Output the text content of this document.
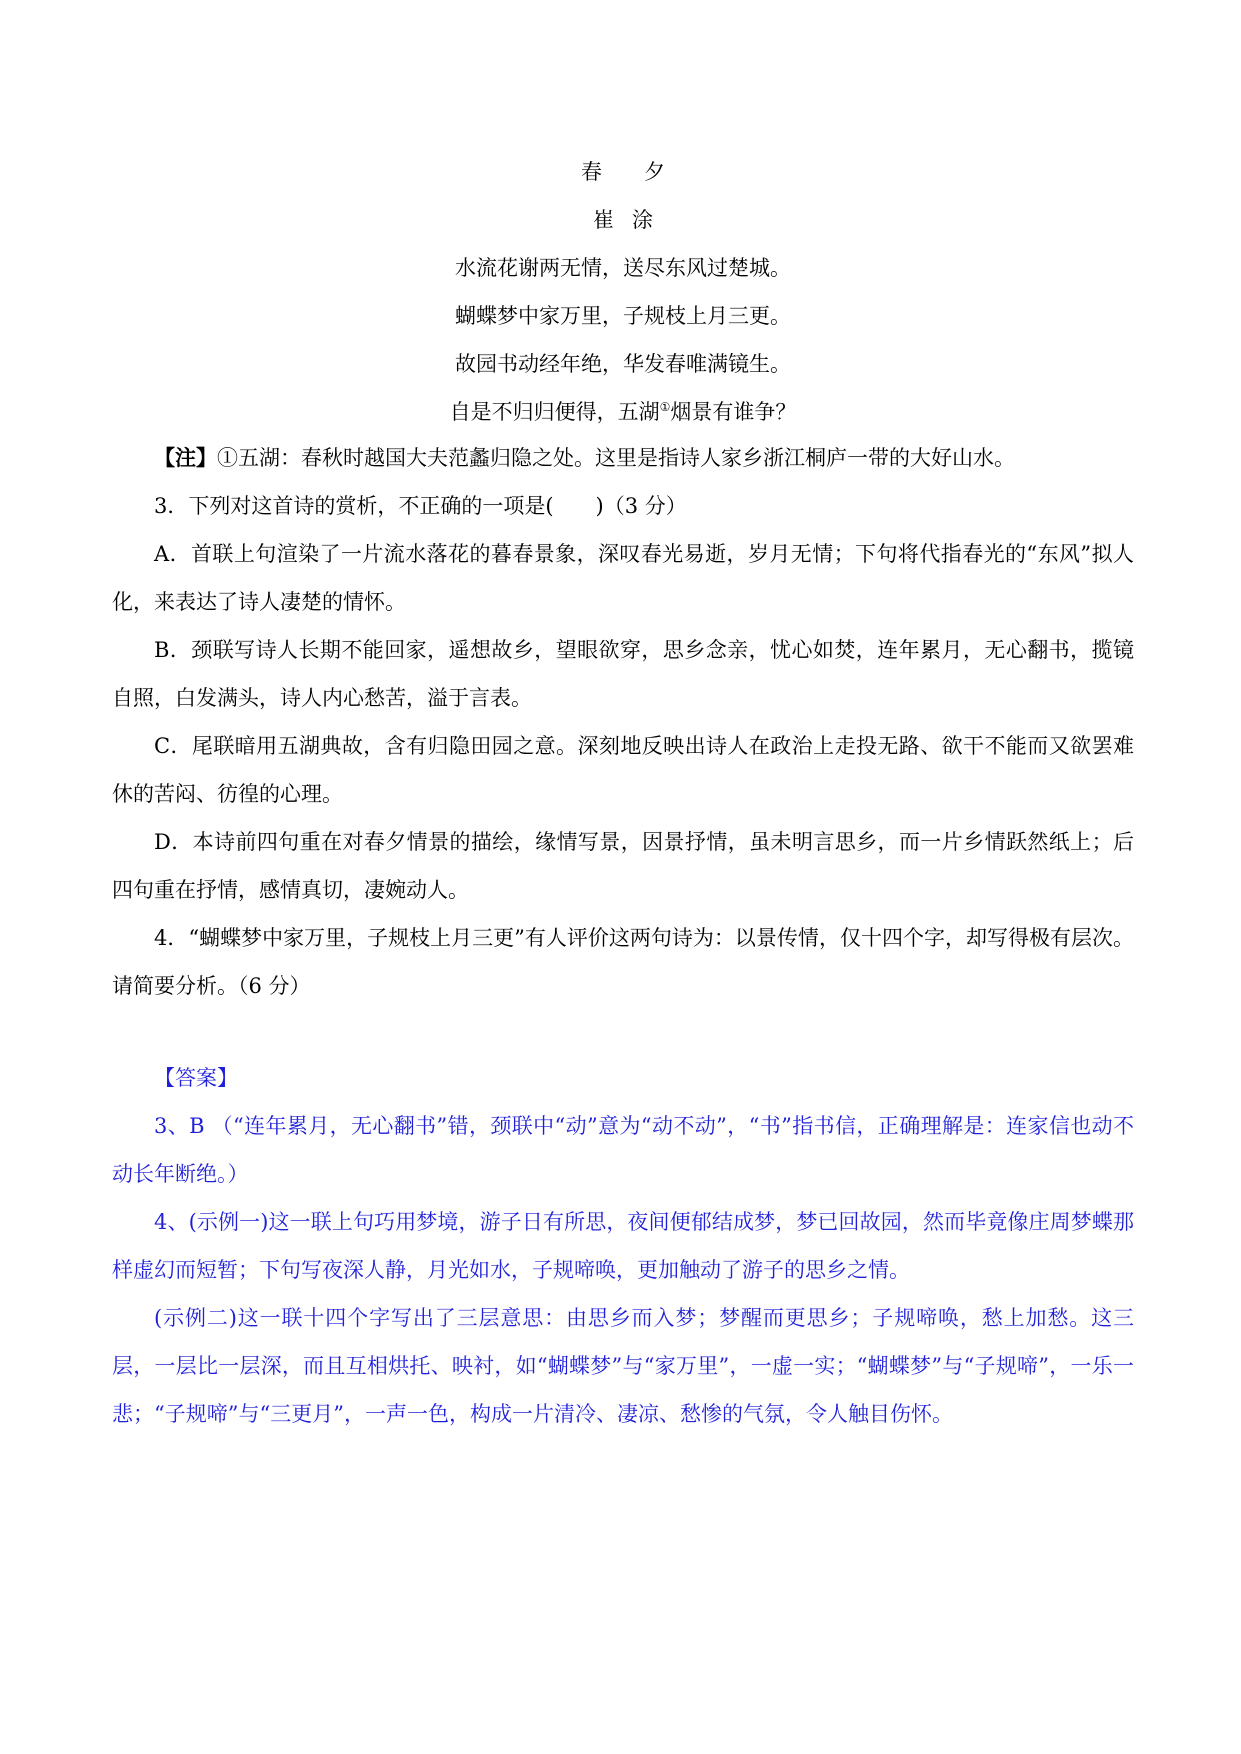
春 夕
崔 涂
水流花谢两无情，送尽东风过楚城。
蝴蝶梦中家万里，子规枝上月三更。
故园书动经年绝，华发春唯满镜生。
自是不归归便得，五湖①烟景有谁争？

【注】①五湖：春秋时越国大夫范蠡归隐之处。这里是指诗人家乡浙江桐庐一带的大好山水。

3．下列对这首诗的赏析，不正确的一项是(　　)（3 分）

A．首联上句渲染了一片流水落花的暮春景象，深叹春光易逝，岁月无情；下句将代指春光的“东风”拟人化，来表达了诗人凄楚的情怀。

B．颈联写诗人长期不能回家，遥想故乡，望眼欲穿，思乡念亲，忧心如焚，连年累月，无心翻书，揽镜自照，白发满头，诗人内心愁苦，溢于言表。

C．尾联暗用五湖典故，含有归隐田园之意。深刻地反映出诗人在政治上走投无路、欲干不能而又欲罢难休的苦闷、彷徨的心理。

D．本诗前四句重在对春夕情景的描绘，缘情写景，因景抒情，虽未明言思乡，而一片乡情跃然纸上；后四句重在抒情，感情真切，凄婉动人。

4．“蝴蝶梦中家万里，子规枝上月三更”有人评价这两句诗为：以景传情，仅十四个字，却写得极有层次。请简要分析。（6 分）

【答案】

3、B （“连年累月，无心翻书”错，颈联中“动”意为“动不动”，“书”指书信，正确理解是：连家信也动不动长年断绝。）

4、(示例一)这一联上句巧用梦境，游子日有所思，夜间便郁结成梦，梦已回故园，然而毕竟像庄周梦蝶那样虚幻而短暂；下句写夜深人静，月光如水，子规啼唤，更加触动了游子的思乡之情。

(示例二)这一联十四个字写出了三层意思：由思乡而入梦；梦醒而更思乡；子规啼唤，愁上加愁。这三层，一层比一层深，而且互相烘托、映衬，如“蝴蝶梦”与“家万里”，一虚一实；“蝴蝶梦”与“子规啼”，一乐一悲；“子规啼”与“三更月”，一声一色，构成一片清冷、凄凉、愁惨的气氛，令人触目伤怀。
